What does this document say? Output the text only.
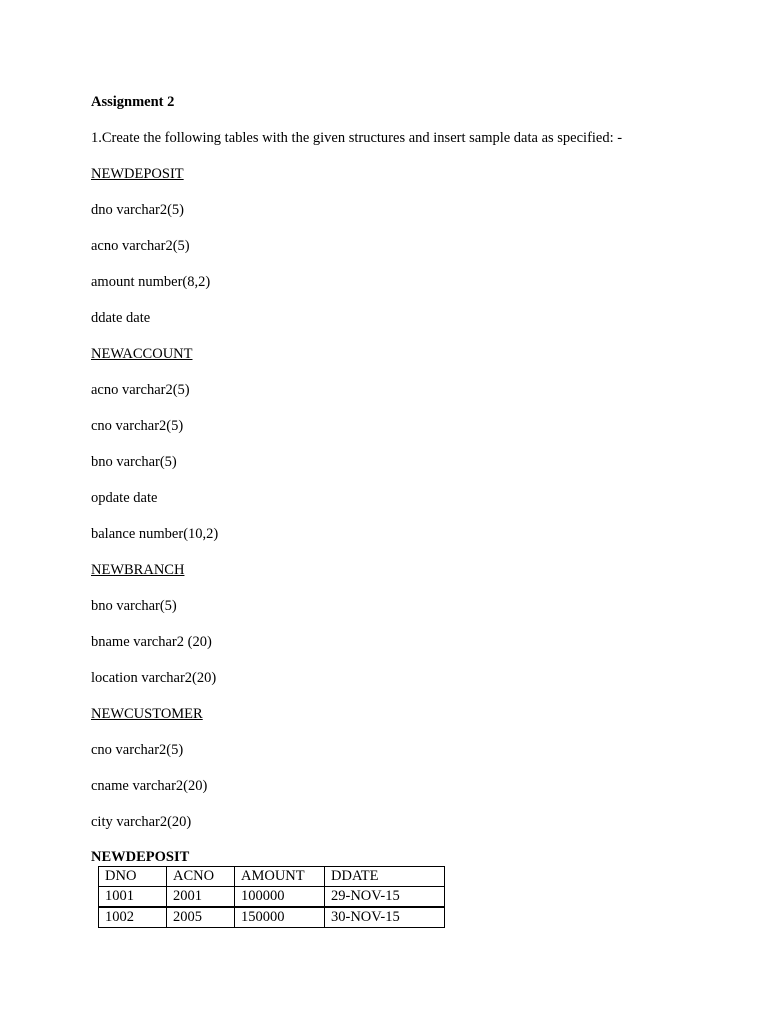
Assignment 2
1.Create the following tables with the given structures and insert sample data as specified: -
NEWDEPOSIT
dno varchar2(5)
acno varchar2(5)
amount number(8,2)
ddate date
NEWACCOUNT
acno varchar2(5)
cno varchar2(5)
bno varchar(5)
opdate date
balance number(10,2)
NEWBRANCH
bno varchar(5)
bname varchar2 (20)
location varchar2(20)
NEWCUSTOMER
cno varchar2(5)
cname varchar2(20)
city varchar2(20)
NEWDEPOSIT
DNO	ACNO	AMOUNT	DDATE
1001	2001	100000	29-NOV-15
1002	2005	150000	30-NOV-15
